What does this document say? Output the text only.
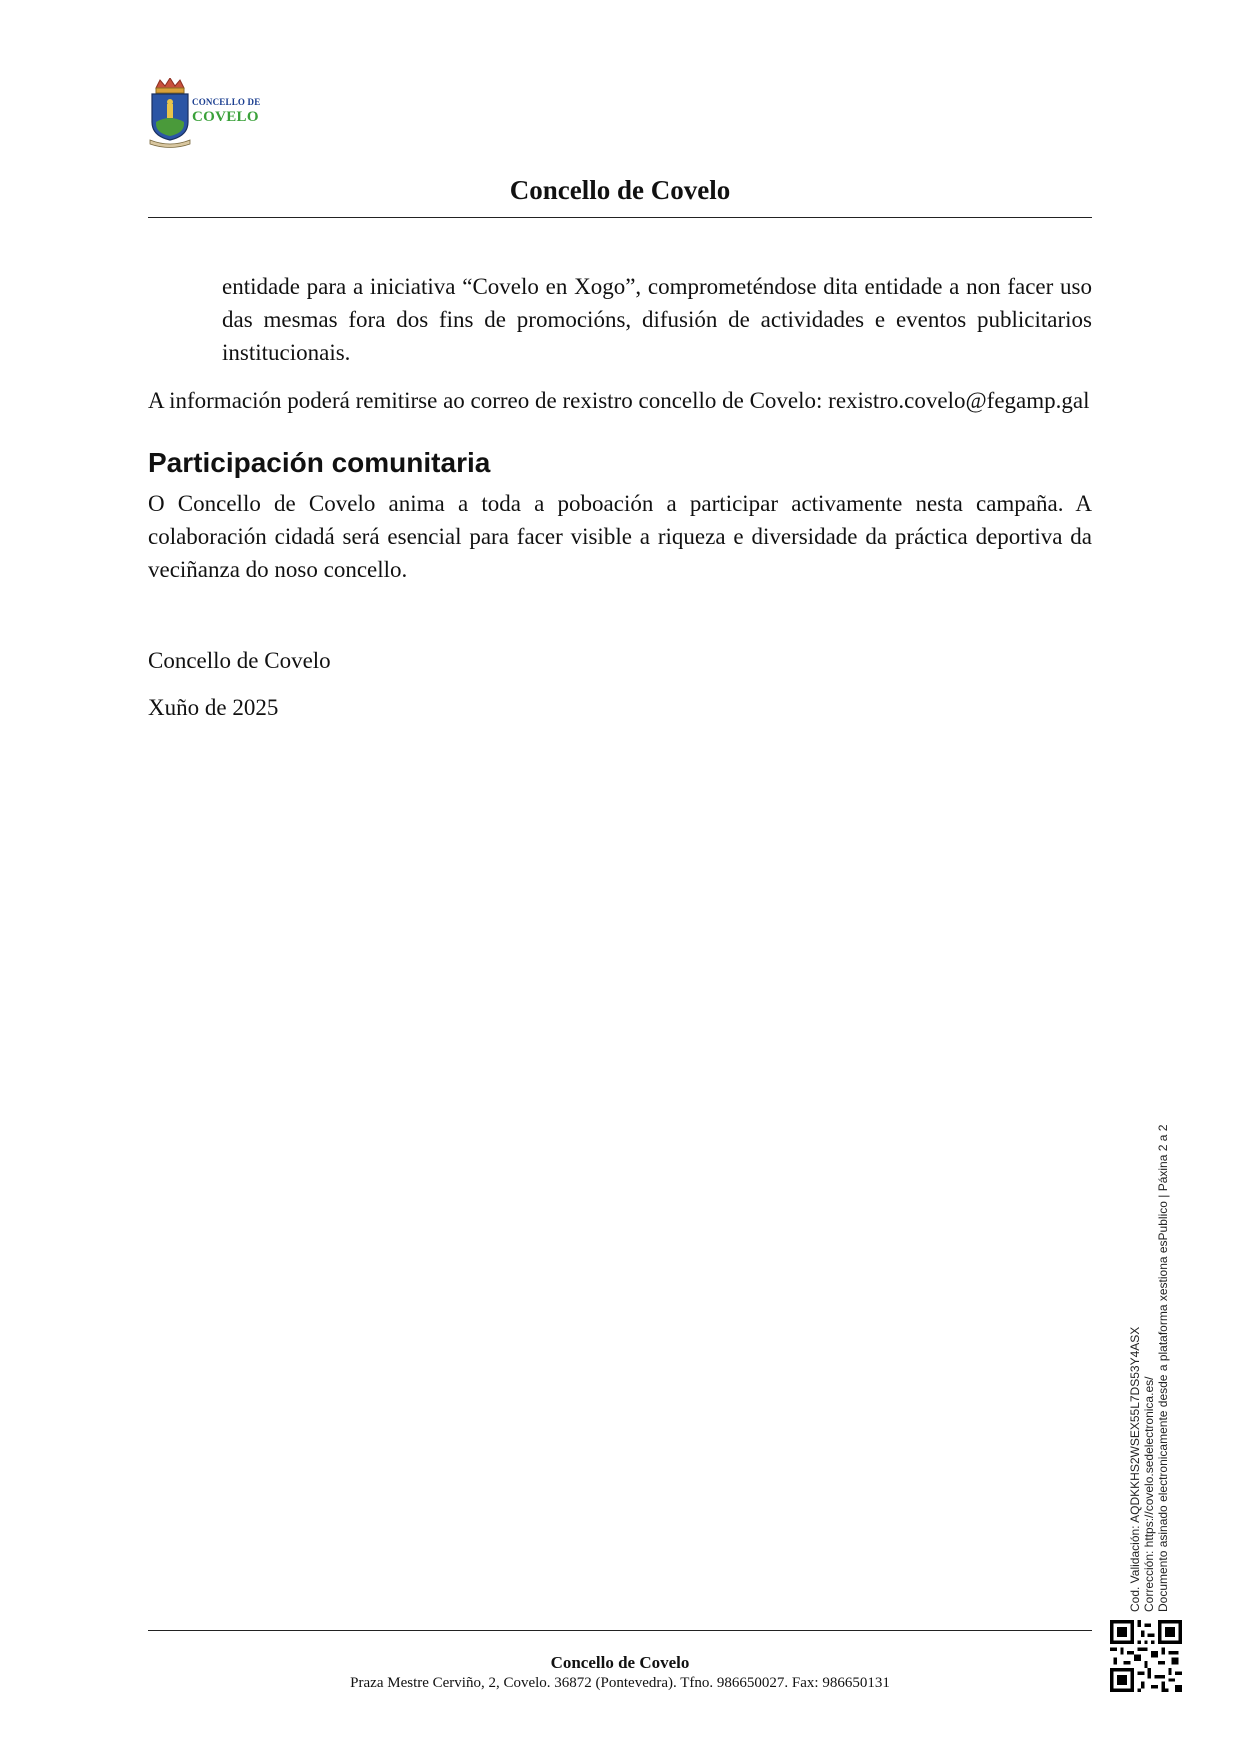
CONCELLO DE
COVELO
Concello de Covelo

entidade para a iniciativa “Covelo en Xogo”, comprometéndose dita entidade a non facer uso das mesmas fora dos fins de promocións, difusión de actividades e eventos publicitarios institucionais.

A información poderá remitirse ao correo de rexistro concello de Covelo: rexistro.covelo@fegamp.gal

Participación comunitaria

O Concello de Covelo anima a toda a poboación a participar activamente nesta campaña. A colaboración cidadá será esencial para facer visible a riqueza e diversidade da práctica deportiva da veciñanza do noso concello.

Concello de Covelo

Xuño de 2025

Cod. Validación: AQDKKHS2WSEX55L7DS53Y4ASX Corrección: https://covelo.sedelectronica.es/ Documento asinado electronicamente desde a plataforma xestiona esPublico | Páxina 2 a 2
Concello de Covelo
Praza Mestre Cerviño, 2, Covelo. 36872 (Pontevedra). Tfno. 986650027. Fax: 986650131
